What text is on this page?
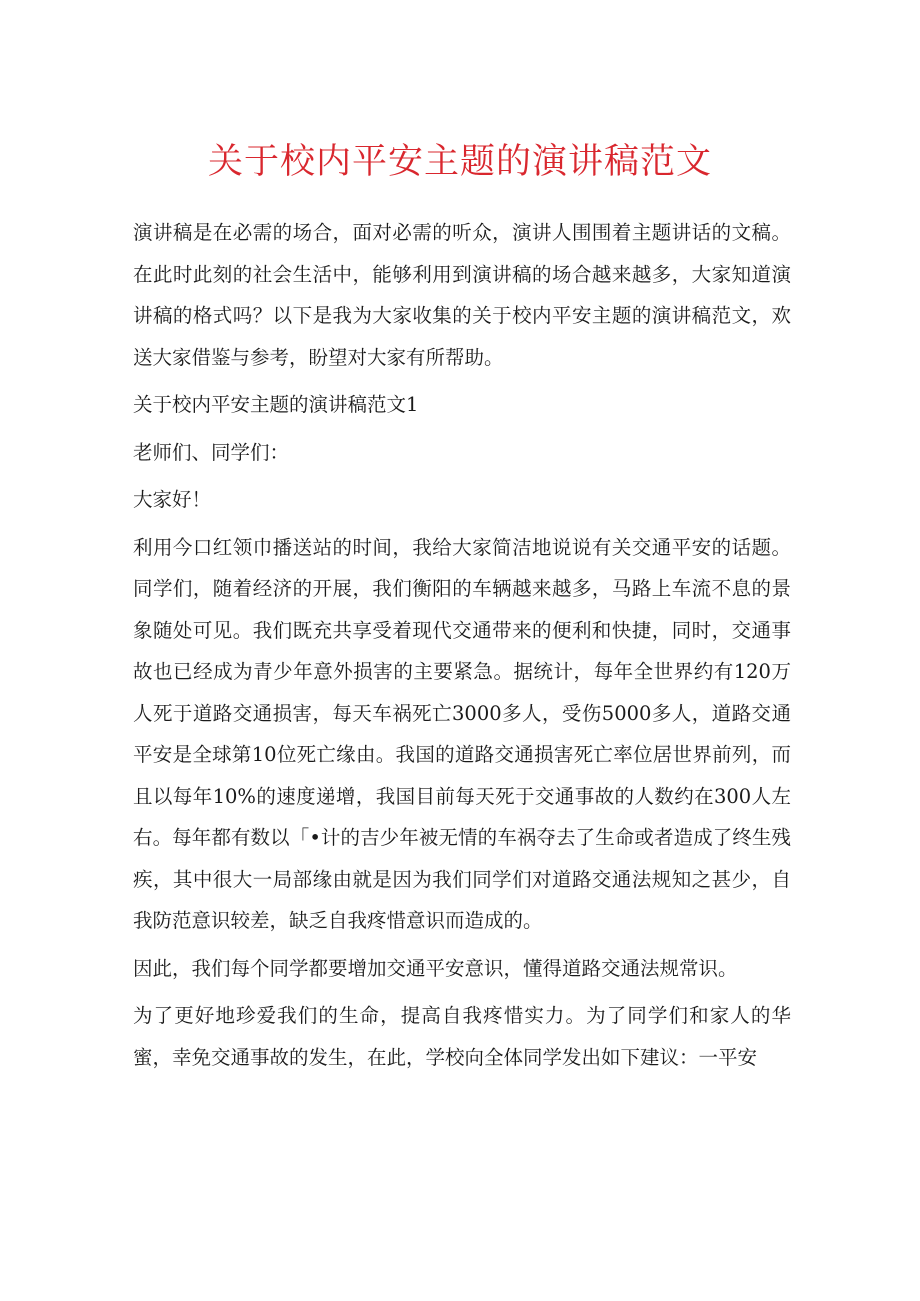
关于校内平安主题的演讲稿范文

演讲稿是在必需的场合，面对必需的听众，演讲人围围着主题讲话的文稿。在此时此刻的社会生活中，能够利用到演讲稿的场合越来越多，大家知道演讲稿的格式吗？以下是我为大家收集的关于校内平安主题的演讲稿范文，欢送大家借鉴与参考，盼望对大家有所帮助。

关于校内平安主题的演讲稿范文1

老师们、同学们：

大家好！

利用今口红领巾播送站的时间，我给大家简洁地说说有关交通平安的话题。同学们，随着经济的开展，我们衡阳的车辆越来越多，马路上车流不息的景象随处可见。我们既充共享受着现代交通带来的便利和快捷，同时，交通事故也已经成为青少年意外损害的主要紧急。据统计，每年全世界约有120万人死于道路交通损害，每天车祸死亡3000多人，受伤5000多人，道路交通平安是全球第10位死亡缘由。我国的道路交通损害死亡率位居世界前列，而且以每年10%的速度递增，我国目前每天死于交通事故的人数约在300人左右。每年都有数以「•计的吉少年被无情的车祸夺去了生命或者造成了终生残疾，其中很大一局部缘由就是因为我们同学们对道路交通法规知之甚少，自我防范意识较差，缺乏自我疼惜意识而造成的。

因此，我们每个同学都要增加交通平安意识，懂得道路交通法规常识。

为了更好地珍爱我们的生命，提高自我疼惜实力。为了同学们和家人的华蜜，幸免交通事故的发生，在此，学校向全体同学发出如下建议：一平安
